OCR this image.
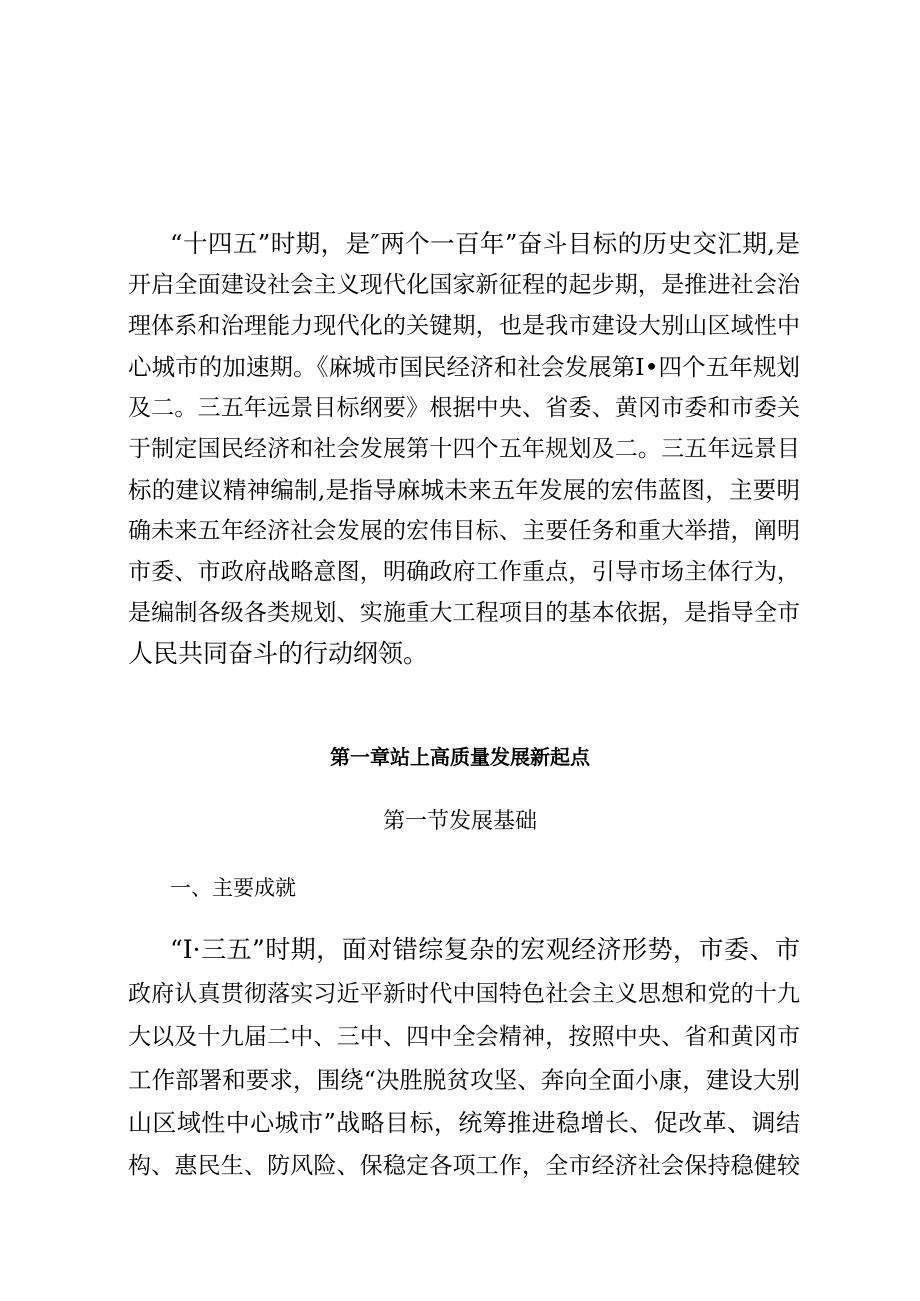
“十四五”时期，是″两个一百年”奋斗目标的历史交汇期,是
开启全面建设社会主义现代化国家新征程的起步期，是推进社会治
理体系和治理能力现代化的关键期，也是我市建设大别山区域性中
心城市的加速期。《麻城市国民经济和社会发展第I•四个五年规划
及二。三五年远景目标纲要》根据中央、省委、黄冈市委和市委关
于制定国民经济和社会发展第十四个五年规划及二。三五年远景目
标的建议精神编制,是指导麻城未来五年发展的宏伟蓝图，主要明
确未来五年经济社会发展的宏伟目标、主要任务和重大举措，阐明
市委、市政府战略意图，明确政府工作重点，引导市场主体行为，
是编制各级各类规划、实施重大工程项目的基本依据，是指导全市
人民共同奋斗的行动纲领。
第一章站上高质量发展新起点
第一节发展基础
一、主要成就
“I·三五”时期，面对错综复杂的宏观经济形势，市委、市
政府认真贯彻落实习近平新时代中国特色社会主义思想和党的十九
大以及十九届二中、三中、四中全会精神，按照中央、省和黄冈市
工作部署和要求，围绕“决胜脱贫攻坚、奔向全面小康，建设大别
山区域性中心城市”战略目标，统筹推进稳增长、促改革、调结
构、惠民生、防风险、保稳定各项工作，全市经济社会保持稳健较
